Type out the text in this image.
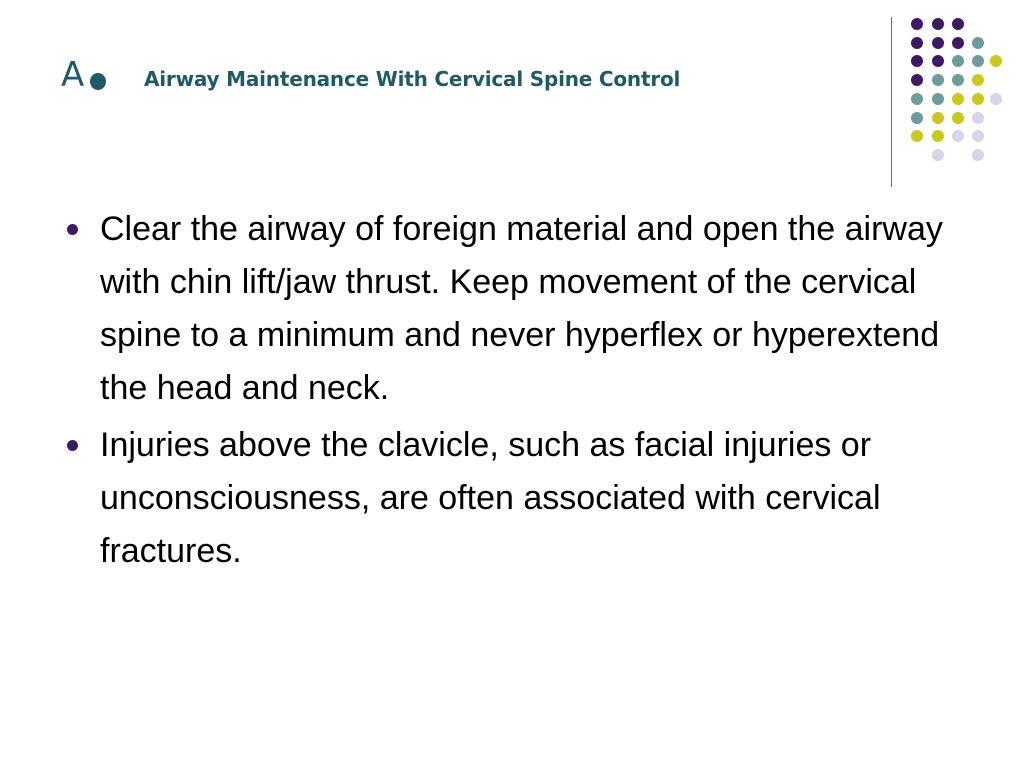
A	Airway Maintenance With Cervical Spine Control
Clear the airway of foreign material and open the airway with chin lift/jaw thrust. Keep movement of the cervical spine to a minimum and never hyperflex or hyperextend the head and neck.
Injuries above the clavicle, such as facial injuries or unconsciousness, are often associated with cervical fractures.
